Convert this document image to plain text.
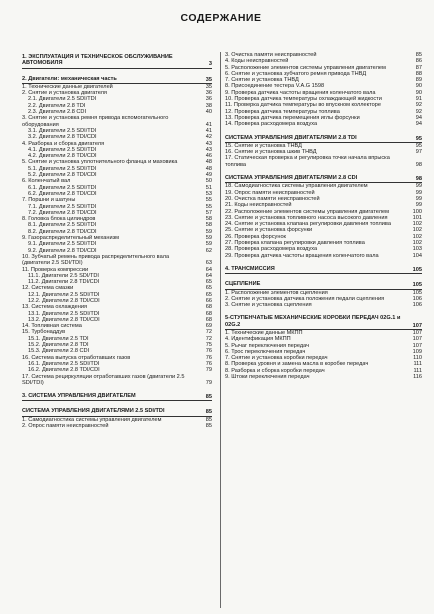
СОДЕРЖАНИЕ
1. ЭКСПЛУАТАЦИЯ И ТЕХНИЧЕСКОЕ ОБСЛУЖИВАНИЕ АВТОМОБИЛЯ	3
2. Двигатели: механическая часть	35
1. Технические данные двигателей	35
2. Снятие и установка двигателя	36
2.1. Двигатели 2.5 SDI/TDI	36
2.2. Двигатели 2.8 TDI	38
2.3. Двигатели 2.8 CDI	40
3. Снятие и установка ремня привода вспомогательного оборудования	41
3.1. Двигатели 2.5 SDI/TDI	41
3.2. Двигатели 2.8 TDI/CDI	42
4. Разборка и сборка двигателя	43
4.1. Двигатели 2.5 SDI/TDI	43
4.2. Двигатели 2.8 TDI/CDI	46
5. Снятие и установка уплотнительного фланца и маховика	48
5.1. Двигатели 2.5 SDI/TDI	48
5.2. Двигатели 2.8 TDI/CDI	49
6. Коленчатый вал	50
6.1. Двигатели 2.5 SDI/TDI	51
6.2. Двигатели 2.8 TDI/CDI	53
7. Поршни и шатуны	55
7.1. Двигатели 2.5 SDI/TDI	55
7.2. Двигатели 2.8 TDI/CDI	57
8. Головка блока цилиндров	58
8.1. Двигатели 2.5 SDI/TDI	58
8.2. Двигатели 2.8 TDI/CDI	59
9. Газораспределительный механизм	59
9.1. Двигатели 2.5 SDI/TDI	59
9.2. Двигатели 2.8 TDI/CDI	62
10. Зубчатый ремень привода распределительного вала (двигатели 2.5 SDI/TDI)	63
11. Проверка компрессии	64
11.1. Двигатели 2.5 SDI/TDI	64
11.2. Двигатели 2.8 TDI/CDI	65
12. Система смазки	65
12.1. Двигатели 2.5 SDI/TDI	65
12.2. Двигатели 2.8 TDI/CDI	66
13. Система охлаждения	68
13.1. Двигатели 2.5 SDI/TDI	68
13.2. Двигатели 2.8 TDI/CDI	68
14. Топливная система	69
15. Турбонаддув	72
15.1. Двигатели 2.5 TDI	72
15.2. Двигатели 2.8 TDI	75
15.3. Двигатели 2.8 CDI	76
16. Система выпуска отработавших газов	76
16.1. Двигатели 2.5 SDI/TDI	76
16.2. Двигатели 2.8 TDI/CDI	79
17. Система рециркуляции отработавших газов (двигатели 2.5 SDI/TDI)	79
3. СИСТЕМА УПРАВЛЕНИЯ ДВИГАТЕЛЕМ	85
СИСТЕМА УПРАВЛЕНИЯ ДВИГАТЕЛЯМИ 2.5 SDI/TDI	85
1. Самодиагностика системы управления двигателем	85
2. Опрос памяти неисправностей	85
3. Очистка памяти неисправностей	85
4. Коды неисправностей	86
5. Расположение элементов системы управления двигателем	87
6. Снятие и установка зубчатого ремня привода ТНВД	88
7. Снятие и установка ТНВД	89
8. Присоединение тестера V.A.G 1598	90
9. Проверка датчика частоты вращения коленчатого вала	90
10. Проверка датчика температуры охлаждающей жидкости	91
11. Проверка датчика температуры во впускном коллекторе	92
12. Проверка датчика температуры топлива	92
13. Проверка датчика перемещения иглы форсунки	94
14. Проверка расходомера воздуха	94
СИСТЕМА УПРАВЛЕНИЯ ДВИГАТЕЛЯМИ 2.8 TDI	95
15. Снятие и установка ТНВД	95
16. Снятие и установка шкив ТНВД	97
17. Статическая проверка и регулировка точки начала впрыска топлива	98
СИСТЕМА УПРАВЛЕНИЯ ДВИГАТЕЛЯМИ 2.8 CDI	98
18. Самодиагностика системы управления двигателем	99
19. Опрос памяти неисправностей	99
20. Очистка памяти неисправностей	99
21. Коды неисправностей	99
22. Расположение элементов системы управления двигателем	100
23. Снятие и установка топливного насоса высокого давления	101
24. Снятие и установка клапана регулировки давления топлива	102
25. Снятие и установка форсунки	102
26. Проверка форсунок	102
27. Проверка клапана регулировки давления топлива	102
28. Проверка расходомера воздуха	103
29. Проверка датчика частоты вращения коленчатого вала	104
4. ТРАНСМИССИЯ	105
СЦЕПЛЕНИЕ	105
1. Расположение элементов сцепления	105
2. Снятие и установка датчика положения педали сцепления	106
3. Снятие и установка сцепления	106
5-СТУПЕНЧАТЫЕ МЕХАНИЧЕСКИЕ КОРОБКИ ПЕРЕДАЧ 02G.1 и 02G.2	107
1. Технические данные МКПП	107
4. Идентификация МКПП	107
5. Рычаг переключения передач	107
6. Трос переключения передач	109
7. Снятие и установка коробки передач	110
8. Проверка уровня и замена масла в коробке передач	111
8. Разборка и сборка коробки передач	111
9. Штоки переключения передач	116
